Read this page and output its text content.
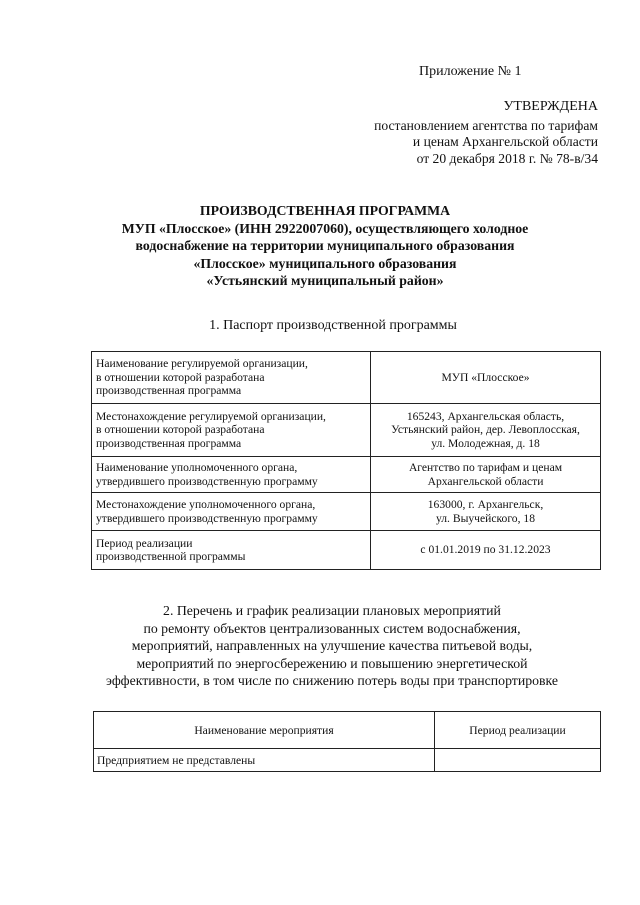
Приложение № 1
УТВЕРЖДЕНА
постановлением агентства по тарифам
и ценам Архангельской области
от 20 декабря 2018 г. № 78-в/34
ПРОИЗВОДСТВЕННАЯ ПРОГРАММА
МУП «Плосское» (ИНН 2922007060), осуществляющего холодное
водоснабжение на территории муниципального образования
«Плосское» муниципального образования
«Устьянский муниципальный район»
1. Паспорт производственной программы
Наименование регулируемой организации,
в отношении которой разработана
производственная программа	МУП «Плосское»

Местонахождение регулируемой организации,
в отношении которой разработана
производственная программа	165243, Архангельская область,
Устьянский район, дер. Левоплосская,
ул. Молодежная, д. 18

Наименование уполномоченного органа,
утвердившего производственную программу	Агентство по тарифам и ценам
Архангельской области

Местонахождение уполномоченного органа,
утвердившего производственную программу	163000, г. Архангельск,
ул. Выучейского, 18

Период реализации
производственной программы	с 01.01.2019 по 31.12.2023
2. Перечень и график реализации плановых мероприятий
по ремонту объектов централизованных систем водоснабжения,
мероприятий, направленных на улучшение качества питьевой воды,
мероприятий по энергосбережению и повышению энергетической
эффективности, в том числе по снижению потерь воды при транспортировке
Наименование мероприятия	Период реализации
Предприятием не представлены	
